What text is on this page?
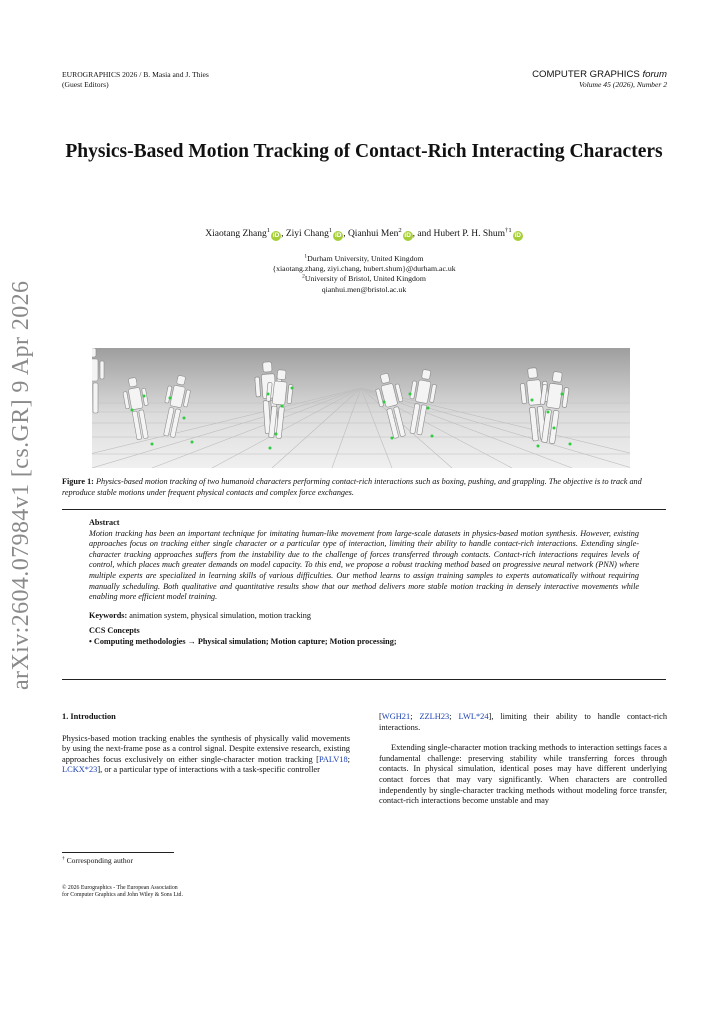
EUROGRAPHICS 2026 / B. Masia and J. Thies
(Guest Editors)
COMPUTER GRAPHICS forum
Volume 45 (2026), Number 2
Physics-Based Motion Tracking of Contact-Rich Interacting Characters
Xiaotang Zhang$^1$iD , Ziyi Chang$^1$iD , Qianhui Men$^2$iD , and Hubert P. H. Shum$^{\dagger 1}$iD
$^1$Durham University, United Kingdom
{xiaotang.zhang, ziyi.chang, hubert.shum}@durham.ac.uk
$^2$University of Bristol, United Kingdom
qianhui.men@bristol.ac.uk
arXiv:2604.07984v1 [cs.GR] 9 Apr 2026	Figure 1: Physics-based motion tracking of two humanoid characters performing contact-rich interactions such as boxing, pushing, and grappling. The objective is to track and reproduce stable motions under frequent physical contacts and complex force exchanges.
Abstract
Motion tracking has been an important technique for imitating human-like movement from large-scale datasets in physics-based motion synthesis. However, existing approaches focus on tracking either single character or a particular type of interaction, limiting their ability to handle contact-rich interactions. Extending single-character tracking approaches suffers from the instability due to the challenge of forces transferred through contacts. Contact-rich interactions requires levels of control, which places much greater demands on model capacity. To this end, we propose a robust tracking method based on progressive neural network (PNN) where multiple experts are specialized in learning skills of various difficulties. Our method learns to assign training samples to experts automatically without requiring manually scheduling. Both qualitative and quantitative results show that our method delivers more stable motion tracking in densely interactive movements while enabling more efficient model training.
Keywords: animation system, physical simulation, motion tracking
CCS Concepts
• Computing methodologies → Physical simulation; Motion capture; Motion processing;
1. Introduction
Physics-based motion tracking enables the synthesis of physically valid movements by using the next-frame pose as a control signal. Despite extensive research, existing approaches focus exclusively on either single-character motion tracking [PALV18; LCKX*23], or a particular type of interactions with a task-specific controller
[WGH21; ZZLH23; LWL*24], limiting their ability to handle contact-rich interactions.
Extending single-character motion tracking methods to interaction settings faces a fundamental challenge: preserving stability while transferring forces through contacts. In physical simulation, identical poses may have different underlying contact forces that may vary significantly. When characters are controlled independently by single-character tracking methods without modeling force transfer, contact-rich interactions become unstable and may
† Corresponding author
© 2026 Eurographics - The European Association
for Computer Graphics and John Wiley & Sons Ltd.
